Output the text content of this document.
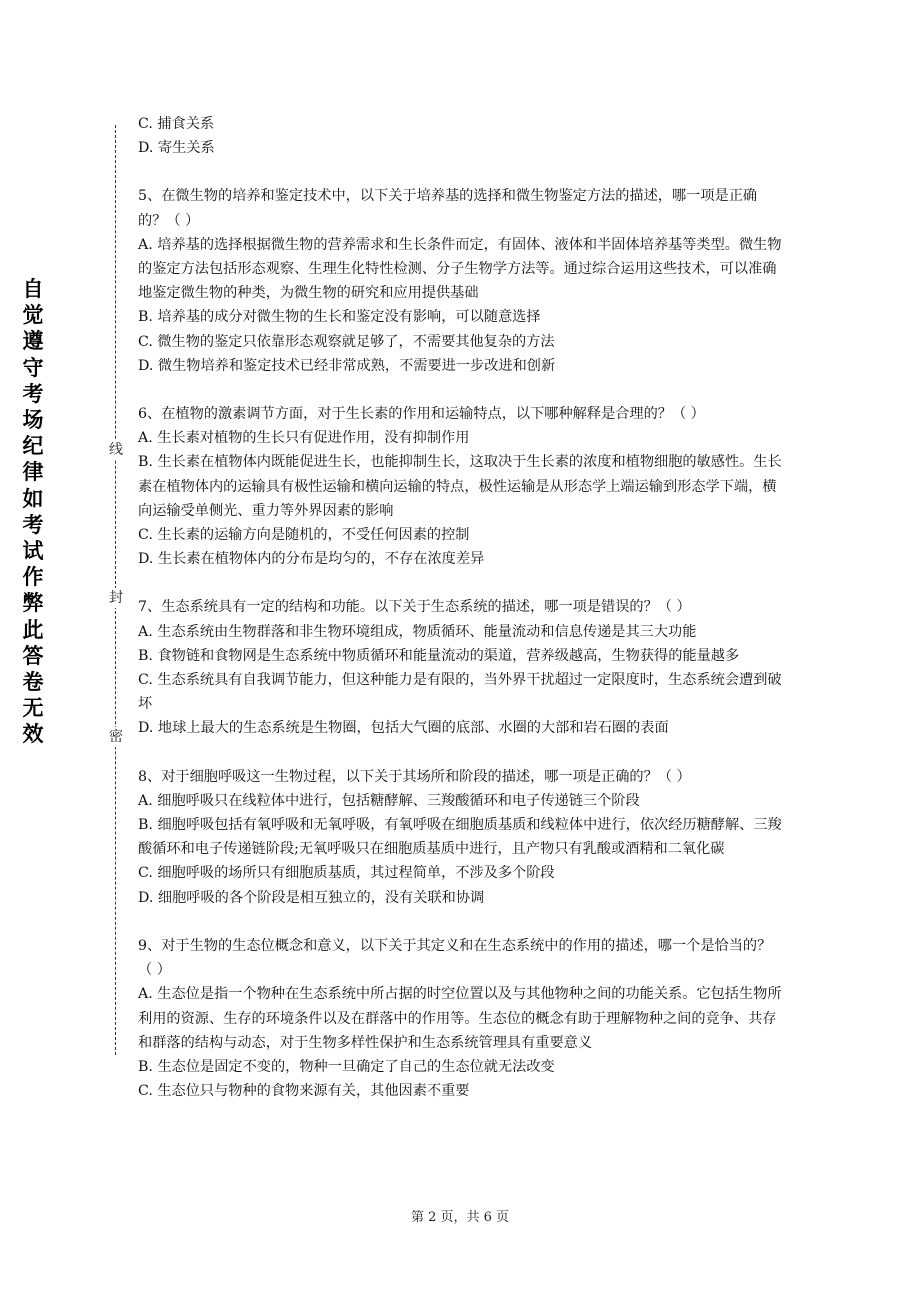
自觉遵守考场纪律如考试作弊此答卷无效
线
封
密

C. 捕食关系

D. 寄生关系

5、在微生物的培养和鉴定技术中，以下关于培养基的选择和微生物鉴定方法的描述，哪一项是正确的？（ ）

A. 培养基的选择根据微生物的营养需求和生长条件而定，有固体、液体和半固体培养基等类型。微生物的鉴定方法包括形态观察、生理生化特性检测、分子生物学方法等。通过综合运用这些技术，可以准确地鉴定微生物的种类，为微生物的研究和应用提供基础

B. 培养基的成分对微生物的生长和鉴定没有影响，可以随意选择

C. 微生物的鉴定只依靠形态观察就足够了，不需要其他复杂的方法

D. 微生物培养和鉴定技术已经非常成熟，不需要进一步改进和创新

6、在植物的激素调节方面，对于生长素的作用和运输特点，以下哪种解释是合理的？（ ）

A. 生长素对植物的生长只有促进作用，没有抑制作用

B. 生长素在植物体内既能促进生长，也能抑制生长，这取决于生长素的浓度和植物细胞的敏感性。生长素在植物体内的运输具有极性运输和横向运输的特点，极性运输是从形态学上端运输到形态学下端，横向运输受单侧光、重力等外界因素的影响

C. 生长素的运输方向是随机的，不受任何因素的控制

D. 生长素在植物体内的分布是均匀的，不存在浓度差异

7、生态系统具有一定的结构和功能。以下关于生态系统的描述，哪一项是错误的？（ ）

A. 生态系统由生物群落和非生物环境组成，物质循环、能量流动和信息传递是其三大功能

B. 食物链和食物网是生态系统中物质循环和能量流动的渠道，营养级越高，生物获得的能量越多

C. 生态系统具有自我调节能力，但这种能力是有限的，当外界干扰超过一定限度时，生态系统会遭到破坏

D. 地球上最大的生态系统是生物圈，包括大气圈的底部、水圈的大部和岩石圈的表面

8、对于细胞呼吸这一生物过程，以下关于其场所和阶段的描述，哪一项是正确的？（ ）

A. 细胞呼吸只在线粒体中进行，包括糖酵解、三羧酸循环和电子传递链三个阶段

B. 细胞呼吸包括有氧呼吸和无氧呼吸，有氧呼吸在细胞质基质和线粒体中进行，依次经历糖酵解、三羧酸循环和电子传递链阶段;无氧呼吸只在细胞质基质中进行，且产物只有乳酸或酒精和二氧化碳

C. 细胞呼吸的场所只有细胞质基质，其过程简单，不涉及多个阶段

D. 细胞呼吸的各个阶段是相互独立的，没有关联和协调

9、对于生物的生态位概念和意义，以下关于其定义和在生态系统中的作用的描述，哪一个是恰当的？（ ）

A. 生态位是指一个物种在生态系统中所占据的时空位置以及与其他物种之间的功能关系。它包括生物所利用的资源、生存的环境条件以及在群落中的作用等。生态位的概念有助于理解物种之间的竞争、共存和群落的结构与动态，对于生物多样性保护和生态系统管理具有重要意义

B. 生态位是固定不变的，物种一旦确定了自己的生态位就无法改变

C. 生态位只与物种的食物来源有关，其他因素不重要

第 2 页，共 6 页
